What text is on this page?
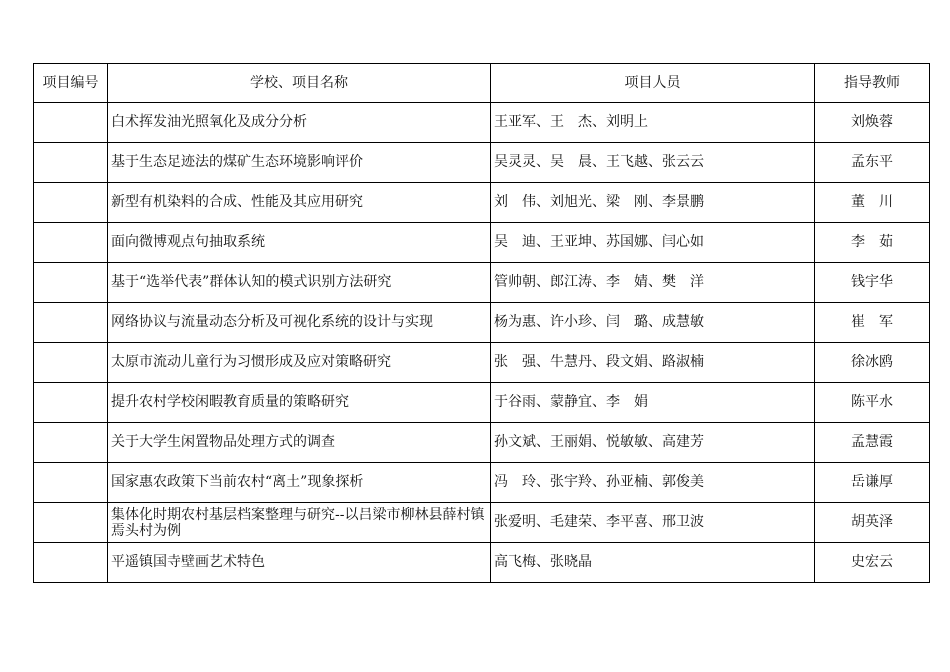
项目编号	学校、项目名称	项目人员	指导教师
	白术挥发油光照氧化及成分分析	王亚军、王　杰、刘明上	刘焕蓉
	基于生态足迹法的煤矿生态环境影响评价	吴灵灵、吴　晨、王飞越、张云云	孟东平
	新型有机染料的合成、性能及其应用研究	刘　伟、刘旭光、梁　刚、李景鹏	董　川
	面向微博观点句抽取系统	吴　迪、王亚坤、苏国娜、闫心如	李　茹
	基于“选举代表”群体认知的模式识别方法研究	管帅朝、郎江涛、李　婧、樊　洋	钱宇华
	网络协议与流量动态分析及可视化系统的设计与实现	杨为惠、许小珍、闫　璐、成慧敏	崔　军
	太原市流动儿童行为习惯形成及应对策略研究	张　强、牛慧丹、段文娟、路淑楠	徐冰鸥
	提升农村学校闲暇教育质量的策略研究	于谷雨、蒙静宜、李　娟	陈平水
	关于大学生闲置物品处理方式的调查	孙文斌、王丽娟、悦敏敏、高建芳	孟慧霞
	国家惠农政策下当前农村“离土”现象探析	冯　玲、张宇羚、孙亚楠、郭俊美	岳谦厚
	集体化时期农村基层档案整理与研究--以吕梁市柳林县薛村镇焉头村为例	张爱明、毛建荣、李平喜、邢卫波	胡英泽
	平遥镇国寺壁画艺术特色	高飞梅、张晓晶	史宏云
